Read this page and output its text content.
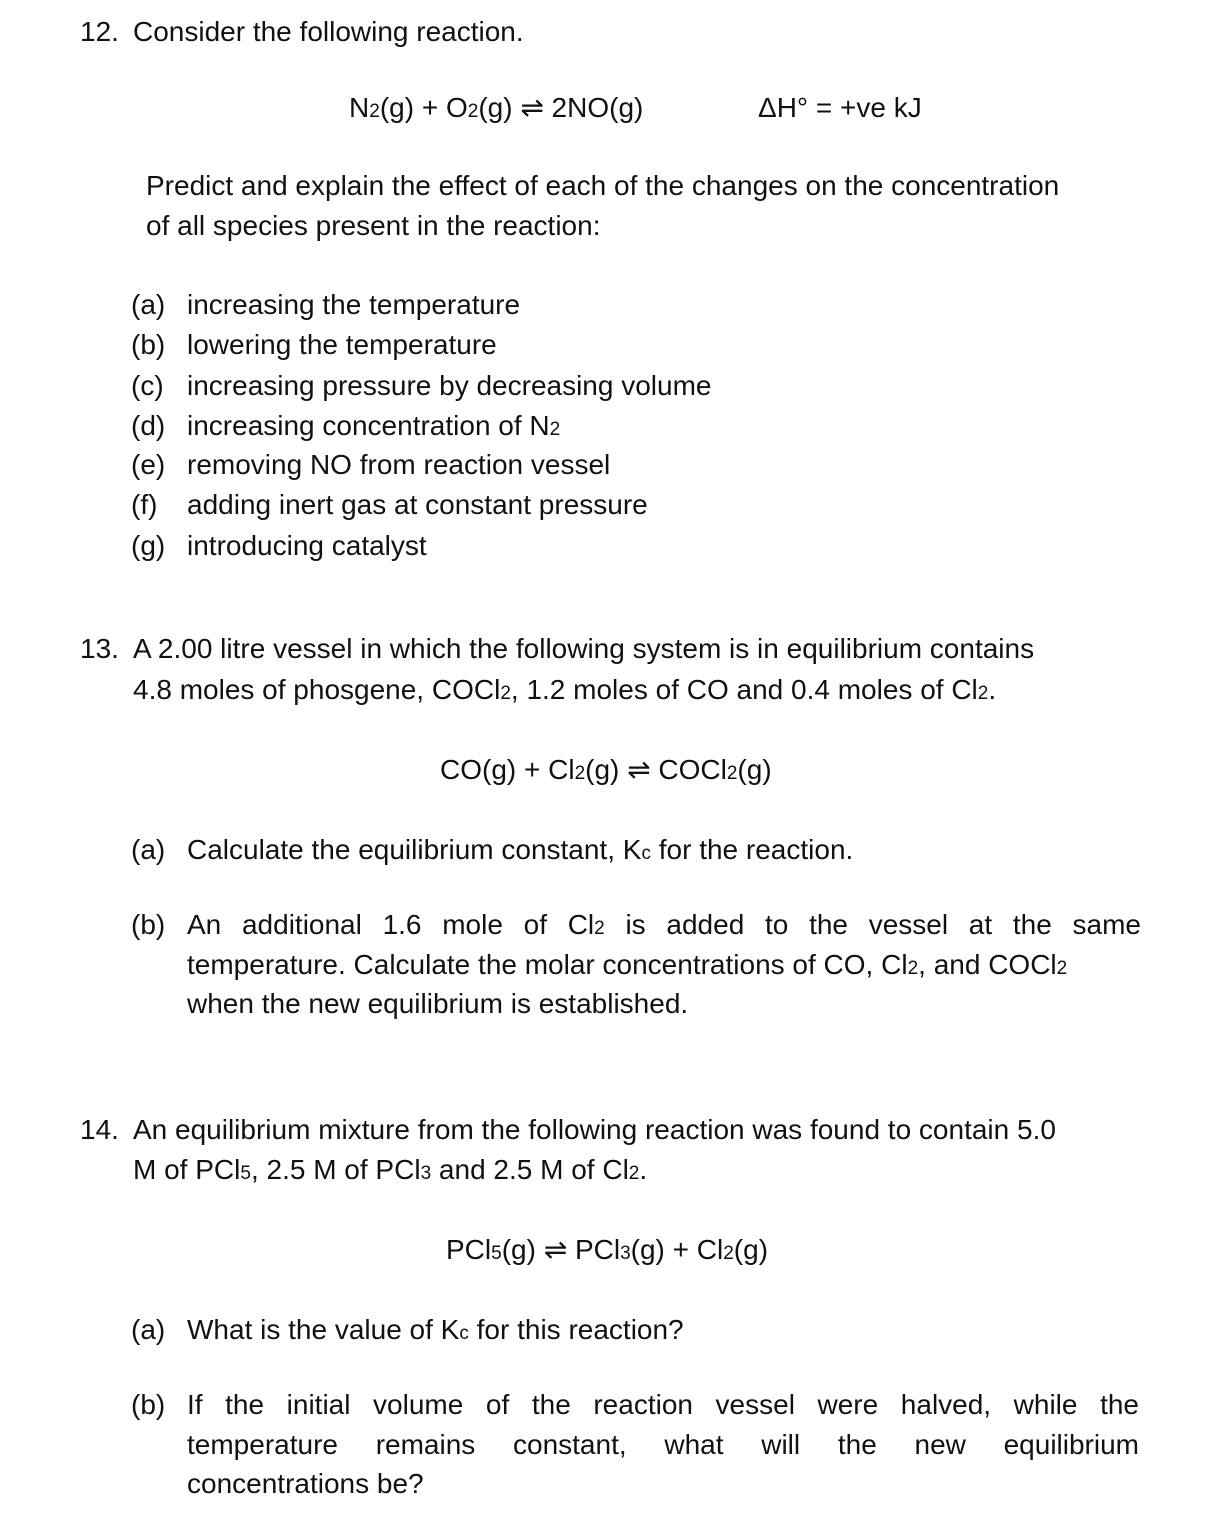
12. Consider the following reaction.
N2(g) + O2(g) ⇌ 2NO(g)	ΔH° = +ve kJ
Predict and explain the effect of each of the changes on the concentration
of all species present in the reaction:
(a) increasing the temperature
(b) lowering the temperature
(c) increasing pressure by decreasing volume
(d) increasing concentration of N2
(e) removing NO from reaction vessel
(f) adding inert gas at constant pressure
(g) introducing catalyst
13. A 2.00 litre vessel in which the following system is in equilibrium contains
4.8 moles of phosgene, COCl2, 1.2 moles of CO and 0.4 moles of Cl2.
CO(g) + Cl2(g) ⇌ COCl2(g)
(a) Calculate the equilibrium constant, Kc for the reaction.
(b) An additional 1.6 mole of Cl2 is added to the vessel at the same
temperature. Calculate the molar concentrations of CO, Cl2, and COCl2
when the new equilibrium is established.
14. An equilibrium mixture from the following reaction was found to contain 5.0
M of PCl5, 2.5 M of PCl3 and 2.5 M of Cl2.
PCl5(g) ⇌ PCl3(g) + Cl2(g)
(a) What is the value of Kc for this reaction?
(b) If the initial volume of the reaction vessel were halved, while the
temperature remains constant, what will the new equilibrium
concentrations be?
